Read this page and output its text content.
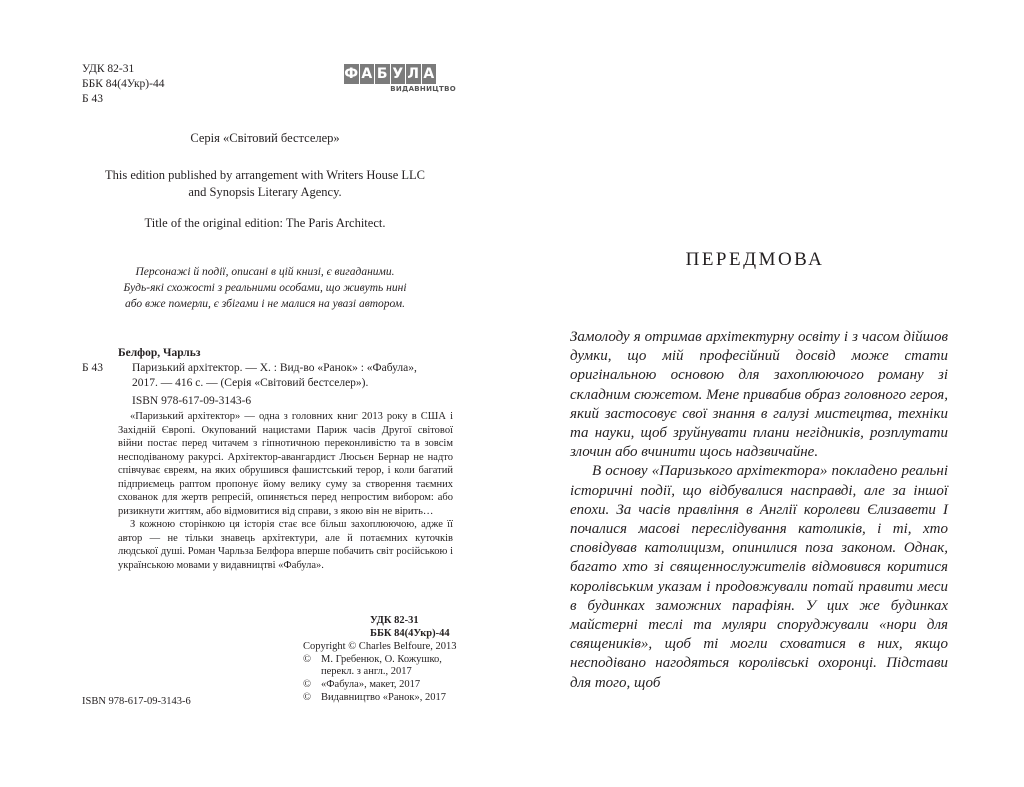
УДК 82-31
ББК 84(4Укр)-44
Б 43
Ф А Б У Л А
ВИДАВНИЦТВО
Серія «Світовий бестселер»
This edition published by arrangement with Writers House LLC
and Synopsis Literary Agency.
Title of the original edition: The Paris Architect.
Персонажі й події, описані в цій книзі, є вигаданими.
Будь-які схожості з реальними особами, що живуть нині
або вже померли, є збігами і не малися на увазі автором.
Белфор, Чарльз
Б 43	Паризький архітектор. — Х. : Вид-во «Ранок» : «Фабула»,
2017. — 416 с. — (Серія «Світовий бестселер»).
ISBN 978-617-09-3143-6

«Паризький архітектор» — одна з головних книг 2013 року в США і Західній Європі. Окупований нацистами Париж часів Другої світової війни постає перед читачем з гіпнотичною переконливістю та в зовсім несподіваному ракурсі. Архітектор-авангардист Люсьєн Бернар не надто співчуває євреям, на яких обрушився фашистський терор, і коли багатий підприємець раптом пропонує йому велику суму за створення таємних схованок для жертв репресій, опиняється перед непростим вибором: або ризикнути життям, або відмовитися від справи, з якою він не вірить…

З кожною сторінкою ця історія стає все більш захоплюючою, адже її автор — не тільки знавець архітектури, але й потаємних куточків людської душі. Роман Чарльза Белфора вперше побачить світ російською і українською мовами у видавництві «Фабула».

УДК 82-31
ББК 84(4Укр)-44
Copyright © Charles Belfoure, 2013
© М. Гребенюк, О. Кожушко,
перекл. з англ., 2017
© «Фабула», макет, 2017
© Видавництво «Ранок», 2017
ISBN 978-617-09-3143-6
ПЕРЕДМОВА

Замолоду я отримав архітектурну освіту і з часом дійшов думки, що мій професійний досвід може стати оригінальною основою для захоплюючого роману зі складним сюжетом. Мене привабив образ головного героя, який застосовує свої знання в галузі мистецтва, техніки та науки, щоб зруйнувати плани негідників, розплутати злочин або вчинити щось надзвичайне.

В основу «Паризького архітектора» покладено реальні історичні події, що відбувалися насправді, але за іншої епохи. За часів правління в Англії королеви Єлизавети I почалися масові переслідування католиків, і ті, хто сповідував католицизм, опинилися поза законом. Однак, багато хто зі священнослужителів відмовився коритися королівським указам і продовжували потай правити меси в будинках заможних парафіян. У цих же будинках майстерні теслі та муляри споруджували «нори для священиків», щоб ті могли сховатися в них, якщо несподівано нагодяться королівські охоронці. Підстави для того, щоб
